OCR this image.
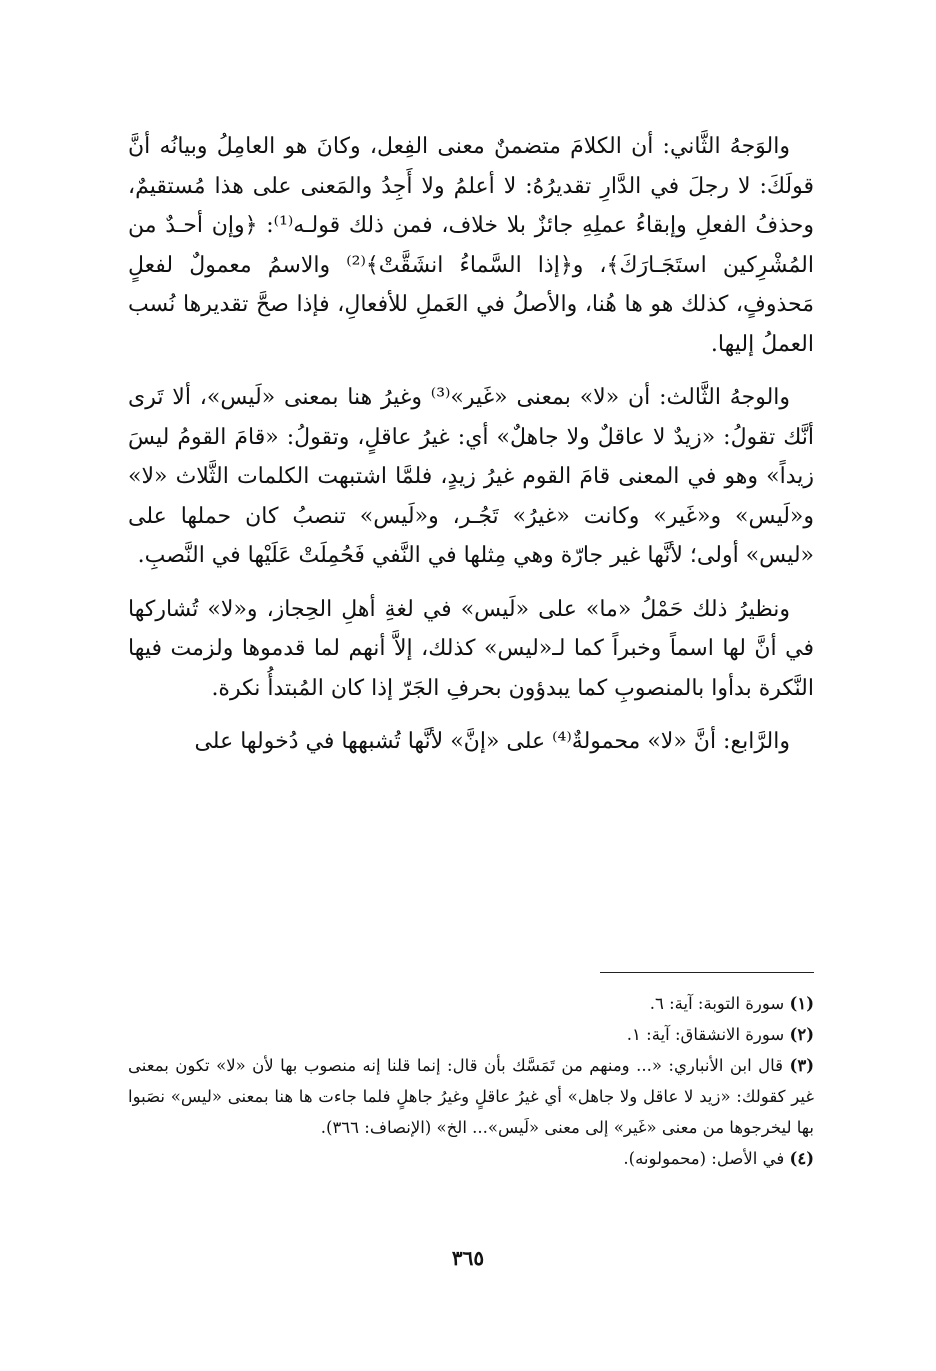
والوَجهُ الثَّاني: أن الكلامَ متضمنٌ معنى الفِعل، وكانَ هو العامِلُ وبيانُه أنَّ قولَكَ: لا رجلَ في الدَّارِ تقديرُهُ: لا أعلمُ ولا أَجِدُ والمَعنى على هذا مُستقيمٌ، وحذفُ الفعلِ وإبقاءُ عملِهِ جائزٌ بلا خلاف، فمن ذلك قولـه⁽¹⁾: ﴿وإن أحـدٌ من المُشْرِكين استَجَـارَكَ﴾، و﴿إذا السَّماءُ انشَقَّتْ﴾⁽²⁾ والاسمُ معمولٌ لفعلٍ مَحذوفٍ، كذلك هو ها هُنا، والأصلُ في العَملِ للأفعالِ، فإذا صحَّ تقديرها نُسب العملُ إليها.

والوجهُ الثَّالث: أن «لا» بمعنى «غَير»⁽³⁾ وغيرُ هنا بمعنى «لَيس»، ألا تَرى أنَّك تقولُ: «زيدٌ لا عاقلٌ ولا جاهلٌ» أي: غيرُ عاقلٍ، وتقولُ: «قامَ القومُ ليسَ زيداً» وهو في المعنى قامَ القوم غيرُ زيدٍ، فلمَّا اشتبهت الكلمات الثَّلاث «لا» و«لَيس» و«غَير» وكانت «غيرُ» تَجُـر، و«لَيس» تنصبُ كان حملها على «ليس» أولى؛ لأنَّها غير جارّة وهي مِثلها في النَّفي فَحُمِلَتْ عَلَيْها في النَّصبِ.

ونظيرُ ذلك حَمْلُ «ما» على «لَيس» في لغةِ أهلِ الحِجاز، و«لا» تُشاركها في أنَّ لها اسماً وخبراً كما لـ«ليس» كذلك، إلاَّ أنهم لما قدموها ولزمت فيها النَّكرة بدأوا بالمنصوبِ كما يبدؤون بحرفِ الجَرّ إذا كان المُبتدأُ نكرة.

والرَّابع: أنَّ «لا» محمولةٌ⁽⁴⁾ على «إنَّ» لأنَّها تُشبهها في دُخولها على

(١) سورة التوبة: آية: ٦.

(٢) سورة الانشقاق: آية: ١.

(٣) قال ابن الأنباري: «... ومنهم من تَمَسَّك بأن قال: إنما قلنا إنه منصوب بها لأن «لا» تكون بمعنى غير كقولك: «زيد لا عاقل ولا جاهل» أي غيرُ عاقلٍ وغيرُ جاهلٍ فلما جاءت ها هنا بمعنى «ليس» نصَبوا بها ليخرجوها من معنى «غَير» إلى معنى «لَيس»... الخ» (الإنصاف: ٣٦٦).

(٤) في الأصل: (محمولونه).

٣٦٥
